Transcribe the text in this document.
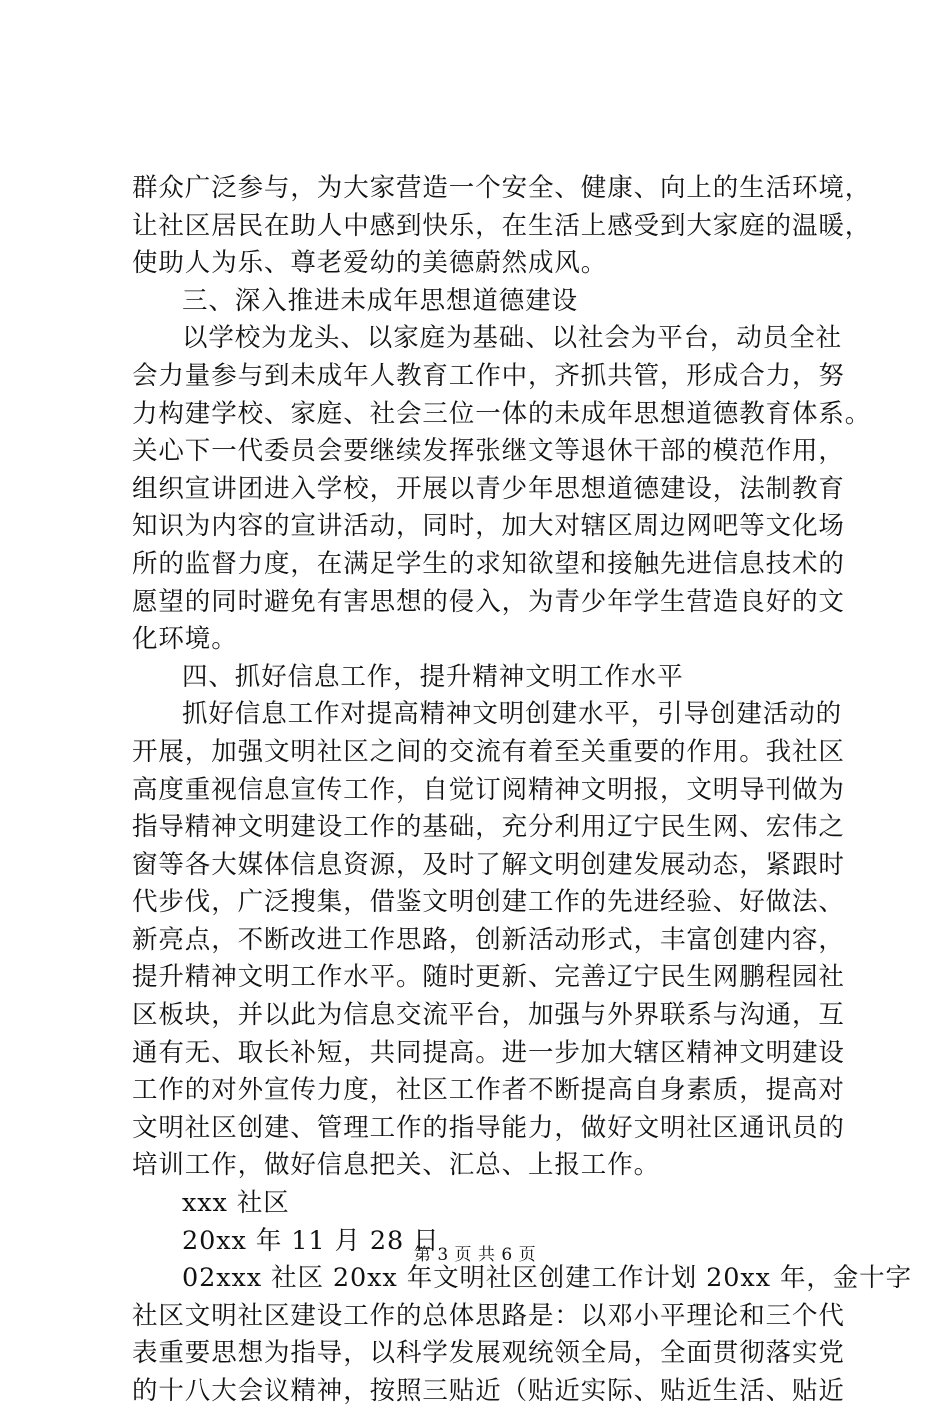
群众广泛参与，为大家营造一个安全、健康、向上的生活环境，
让社区居民在助人中感到快乐，在生活上感受到大家庭的温暖，
使助人为乐、尊老爱幼的美德蔚然成风。
三、深入推进未成年思想道德建设
以学校为龙头、以家庭为基础、以社会为平台，动员全社
会力量参与到未成年人教育工作中，齐抓共管，形成合力，努
力构建学校、家庭、社会三位一体的未成年思想道德教育体系。
关心下一代委员会要继续发挥张继文等退休干部的模范作用，
组织宣讲团进入学校，开展以青少年思想道德建设，法制教育
知识为内容的宣讲活动，同时，加大对辖区周边网吧等文化场
所的监督力度，在满足学生的求知欲望和接触先进信息技术的
愿望的同时避免有害思想的侵入，为青少年学生营造良好的文
化环境。
四、抓好信息工作，提升精神文明工作水平
抓好信息工作对提高精神文明创建水平，引导创建活动的
开展，加强文明社区之间的交流有着至关重要的作用。我社区
高度重视信息宣传工作，自觉订阅精神文明报，文明导刊做为
指导精神文明建设工作的基础，充分利用辽宁民生网、宏伟之
窗等各大媒体信息资源，及时了解文明创建发展动态，紧跟时
代步伐，广泛搜集，借鉴文明创建工作的先进经验、好做法、
新亮点，不断改进工作思路，创新活动形式，丰富创建内容，
提升精神文明工作水平。随时更新、完善辽宁民生网鹏程园社
区板块，并以此为信息交流平台，加强与外界联系与沟通，互
通有无、取长补短，共同提高。进一步加大辖区精神文明建设
工作的对外宣传力度，社区工作者不断提高自身素质，提高对
文明社区创建、管理工作的指导能力，做好文明社区通讯员的
培训工作，做好信息把关、汇总、上报工作。
xxx 社区
20xx 年 11 月 28 日
02xxx 社区 20xx 年文明社区创建工作计划 20xx 年，金十字
社区文明社区建设工作的总体思路是：以邓小平理论和三个代
表重要思想为指导，以科学发展观统领全局，全面贯彻落实党
的十八大会议精神，按照三贴近（贴近实际、贴近生活、贴近
第 3 页 共 6 页
